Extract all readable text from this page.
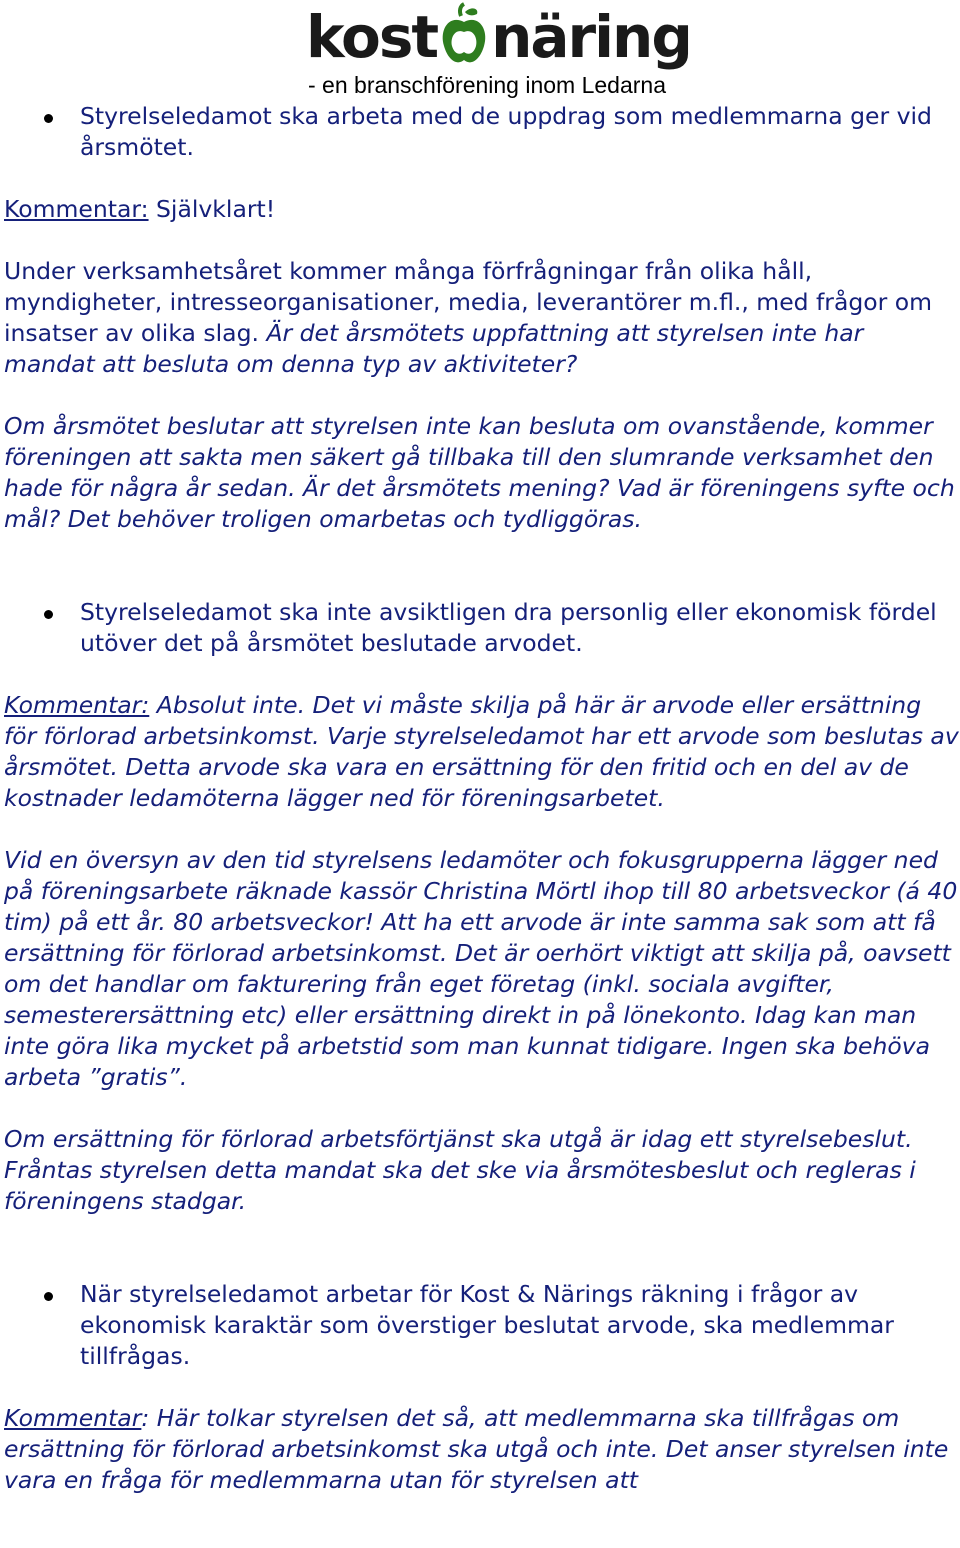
kost näring
- en branschförening inom Ledarna
Styrelseledamot ska arbeta med de uppdrag som medlemmarna ger vid årsmötet.

Kommentar: Självklart!

Under verksamhetsåret kommer många förfrågningar från olika håll, myndigheter, intresseorganisationer, media, leverantörer m.fl., med frågor om insatser av olika slag. Är det årsmötets uppfattning att styrelsen inte har mandat att besluta om denna typ av aktiviteter?

Om årsmötet beslutar att styrelsen inte kan besluta om ovanstående, kommer föreningen att sakta men säkert gå tillbaka till den slumrande verksamhet den hade för några år sedan. Är det årsmötets mening? Vad är föreningens syfte och mål? Det behöver troligen omarbetas och tydliggöras.

Styrelseledamot ska inte avsiktligen dra personlig eller ekonomisk fördel utöver det på årsmötet beslutade arvodet.

Kommentar: Absolut inte. Det vi måste skilja på här är arvode eller ersättning för förlorad arbetsinkomst. Varje styrelseledamot har ett arvode som beslutas av årsmötet. Detta arvode ska vara en ersättning för den fritid och en del av de kostnader ledamöterna lägger ned för föreningsarbetet.

Vid en översyn av den tid styrelsens ledamöter och fokusgrupperna lägger ned på föreningsarbete räknade kassör Christina Mörtl ihop till 80 arbetsveckor (á 40 tim) på ett år. 80 arbetsveckor! Att ha ett arvode är inte samma sak som att få ersättning för förlorad arbetsinkomst. Det är oerhört viktigt att skilja på, oavsett om det handlar om fakturering från eget företag (inkl. sociala avgifter, semesterersättning etc) eller ersättning direkt in på lönekonto. Idag kan man inte göra lika mycket på arbetstid som man kunnat tidigare. Ingen ska behöva arbeta ”gratis”.

Om ersättning för förlorad arbetsförtjänst ska utgå är idag ett styrelsebeslut. Fråntas styrelsen detta mandat ska det ske via årsmötesbeslut och regleras i föreningens stadgar.

När styrelseledamot arbetar för Kost & Närings räkning i frågor av ekonomisk karaktär som överstiger beslutat arvode, ska medlemmar tillfrågas.

Kommentar: Här tolkar styrelsen det så, att medlemmarna ska tillfrågas om ersättning för förlorad arbetsinkomst ska utgå och inte. Det anser styrelsen inte vara en fråga för medlemmarna utan för styrelsen att
